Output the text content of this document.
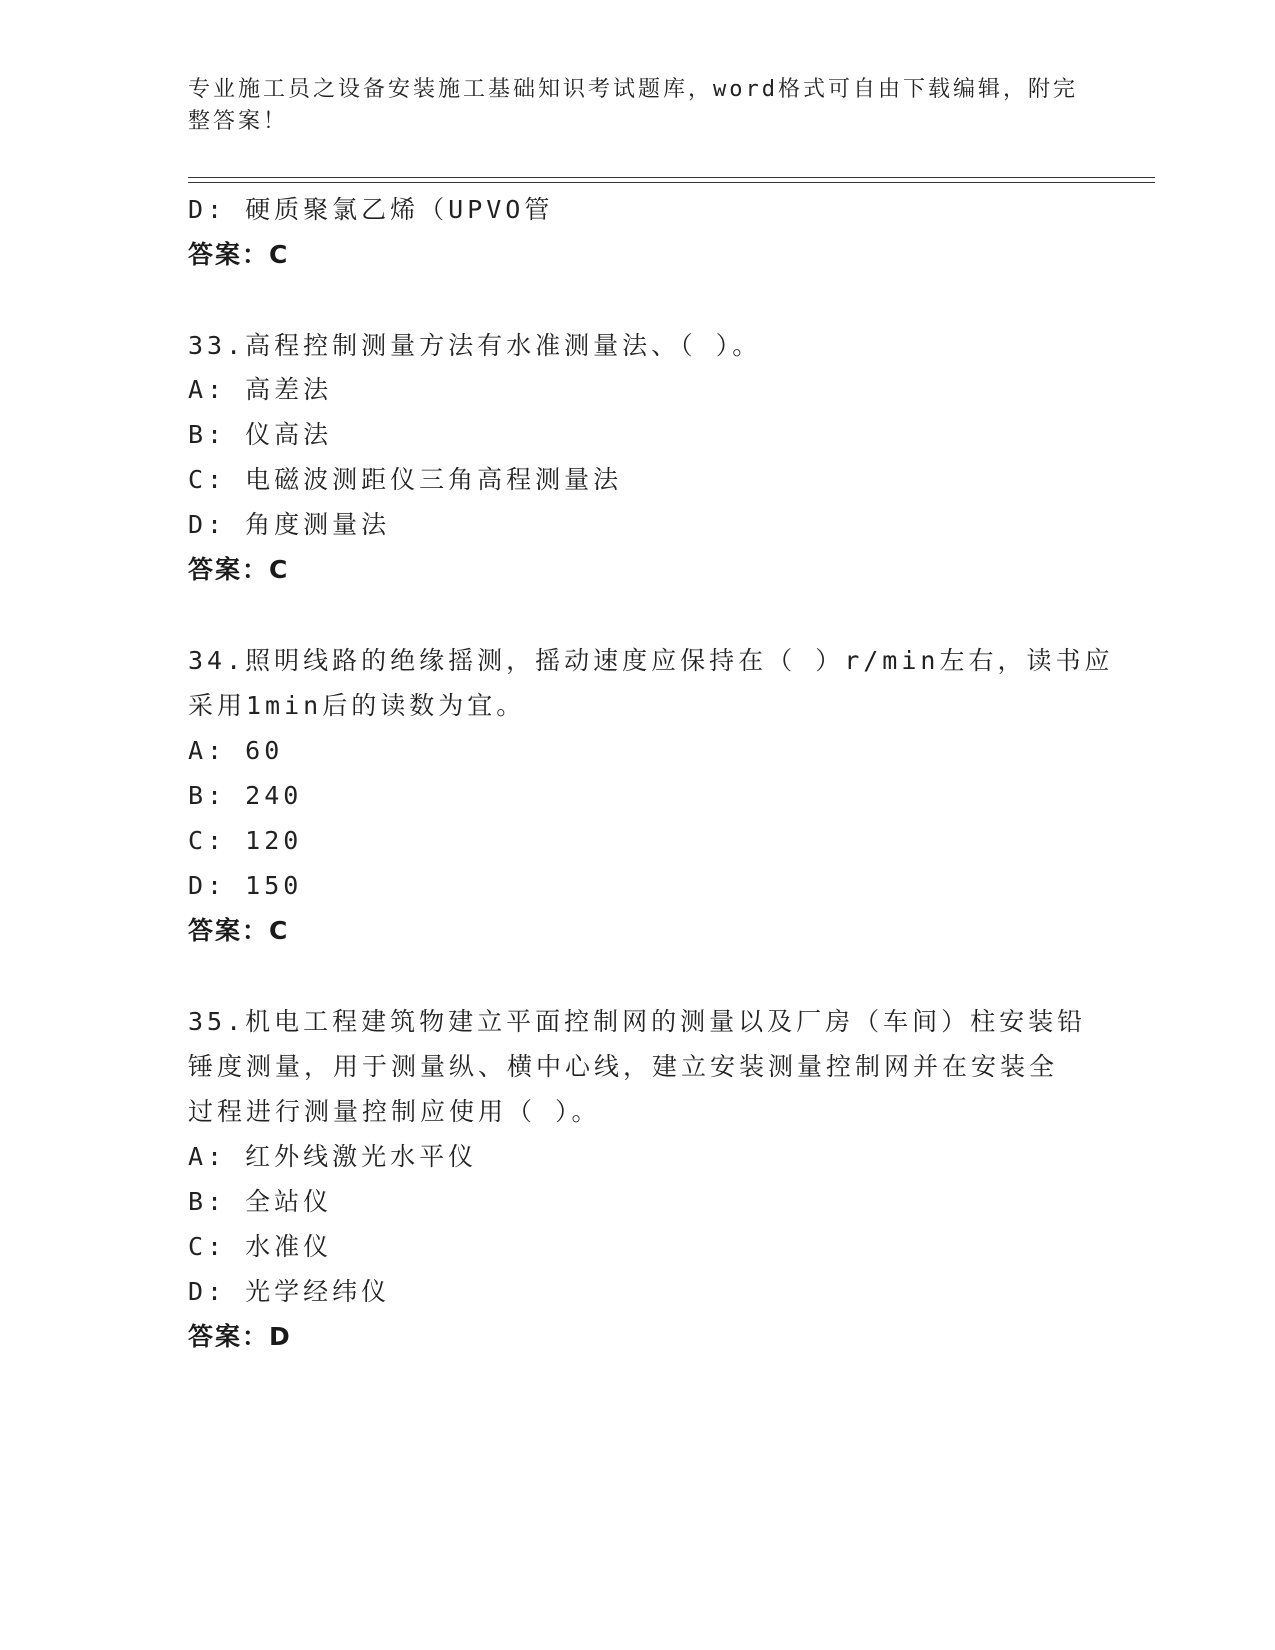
专业施工员之设备安装施工基础知识考试题库，word格式可自由下载编辑，附完
整答案！
D: 硬质聚氯乙烯（UPVO管
答案：C
33.高程控制测量方法有水准测量法、（ ）。
A: 高差法
B: 仪高法
C: 电磁波测距仪三角高程测量法
D: 角度测量法
答案：C
34.照明线路的绝缘摇测，摇动速度应保持在（ ）r/min左右，读书应
采用1min后的读数为宜。
A: 60
B: 240
C: 120
D: 150
答案：C
35.机电工程建筑物建立平面控制网的测量以及厂房（车间）柱安装铅
锤度测量，用于测量纵、横中心线，建立安装测量控制网并在安装全
过程进行测量控制应使用（ ）。
A: 红外线激光水平仪
B: 全站仪
C: 水准仪
D: 光学经纬仪
答案：D
